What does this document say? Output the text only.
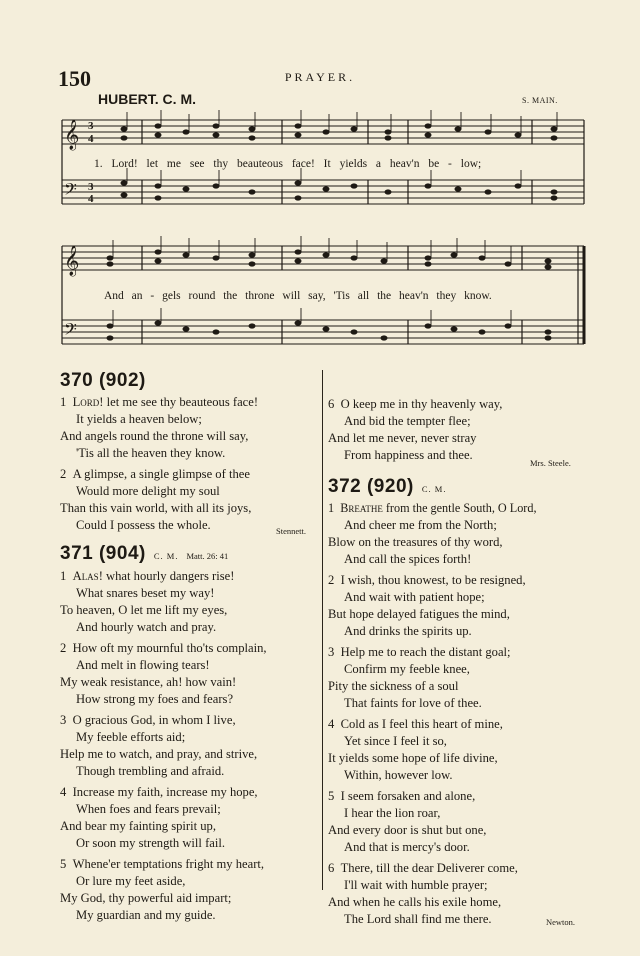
150	PRAYER.
HUBERT. C. M.	S. MAIN.
𝄞
𝄢
3
4
3
4
1. Lord! let me see thy beauteous face! It yields a heav'n be - low;
𝄞
𝄢
And an - gels round the throne will say, 'Tis all the heav'n they know.
370 (902)
1 Lord! let me see thy beauteous face!
It yields a heaven below;
And angels round the throne will say,
'Tis all the heaven they know.
2 A glimpse, a single glimpse of thee
Would more delight my soul
Than this vain world, with all its joys,
Could I possess the whole.	Stennett.
371 (904) C. M. Matt. 26: 41
1 Alas! what hourly dangers rise!
What snares beset my way!
To heaven, O let me lift my eyes,
And hourly watch and pray.
2 How oft my mournful tho'ts complain,
And melt in flowing tears!
My weak resistance, ah! how vain!
How strong my foes and fears?
3 O gracious God, in whom I live,
My feeble efforts aid;
Help me to watch, and pray, and strive,
Though trembling and afraid.
4 Increase my faith, increase my hope,
When foes and fears prevail;
And bear my fainting spirit up,
Or soon my strength will fail.
5 Whene'er temptations fright my heart,
Or lure my feet aside,
My God, thy powerful aid impart;
My guardian and my guide.
6 O keep me in thy heavenly way,
And bid the tempter flee;
And let me never, never stray
From happiness and thee.
Mrs. Steele.
372 (920) C. M.
1 Breathe from the gentle South, O Lord,
And cheer me from the North;
Blow on the treasures of thy word,
And call the spices forth!
2 I wish, thou knowest, to be resigned,
And wait with patient hope;
But hope delayed fatigues the mind,
And drinks the spirits up.
3 Help me to reach the distant goal;
Confirm my feeble knee,
Pity the sickness of a soul
That faints for love of thee.
4 Cold as I feel this heart of mine,
Yet since I feel it so,
It yields some hope of life divine,
Within, however low.
5 I seem forsaken and alone,
I hear the lion roar,
And every door is shut but one,
And that is mercy's door.
6 There, till the dear Deliverer come,
I'll wait with humble prayer;
And when he calls his exile home,
The Lord shall find me there.	Newton.
